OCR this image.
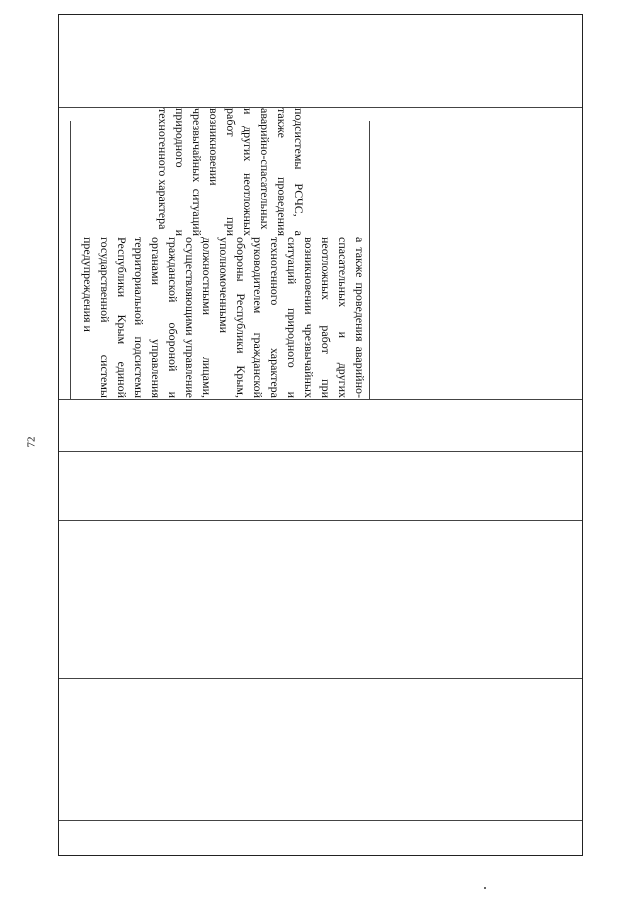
72
а также проведения аварийно-спасательных и других неотложных работ при возникновении чрезвычайных ситуаций природного и техногенного характера руководителем гражданской обороны Республики Крым, уполномоченными должностными лицами, осуществляющими управление гражданской обороной и органами управления территориальной подсистемы Республики Крым единой государственной системы предупреждения и
подсистемы РСЧС, а также проведения аварийно-спасательных и других неотложных работ при возникновении чрезвычайных ситуаций природного и техногенного характера
